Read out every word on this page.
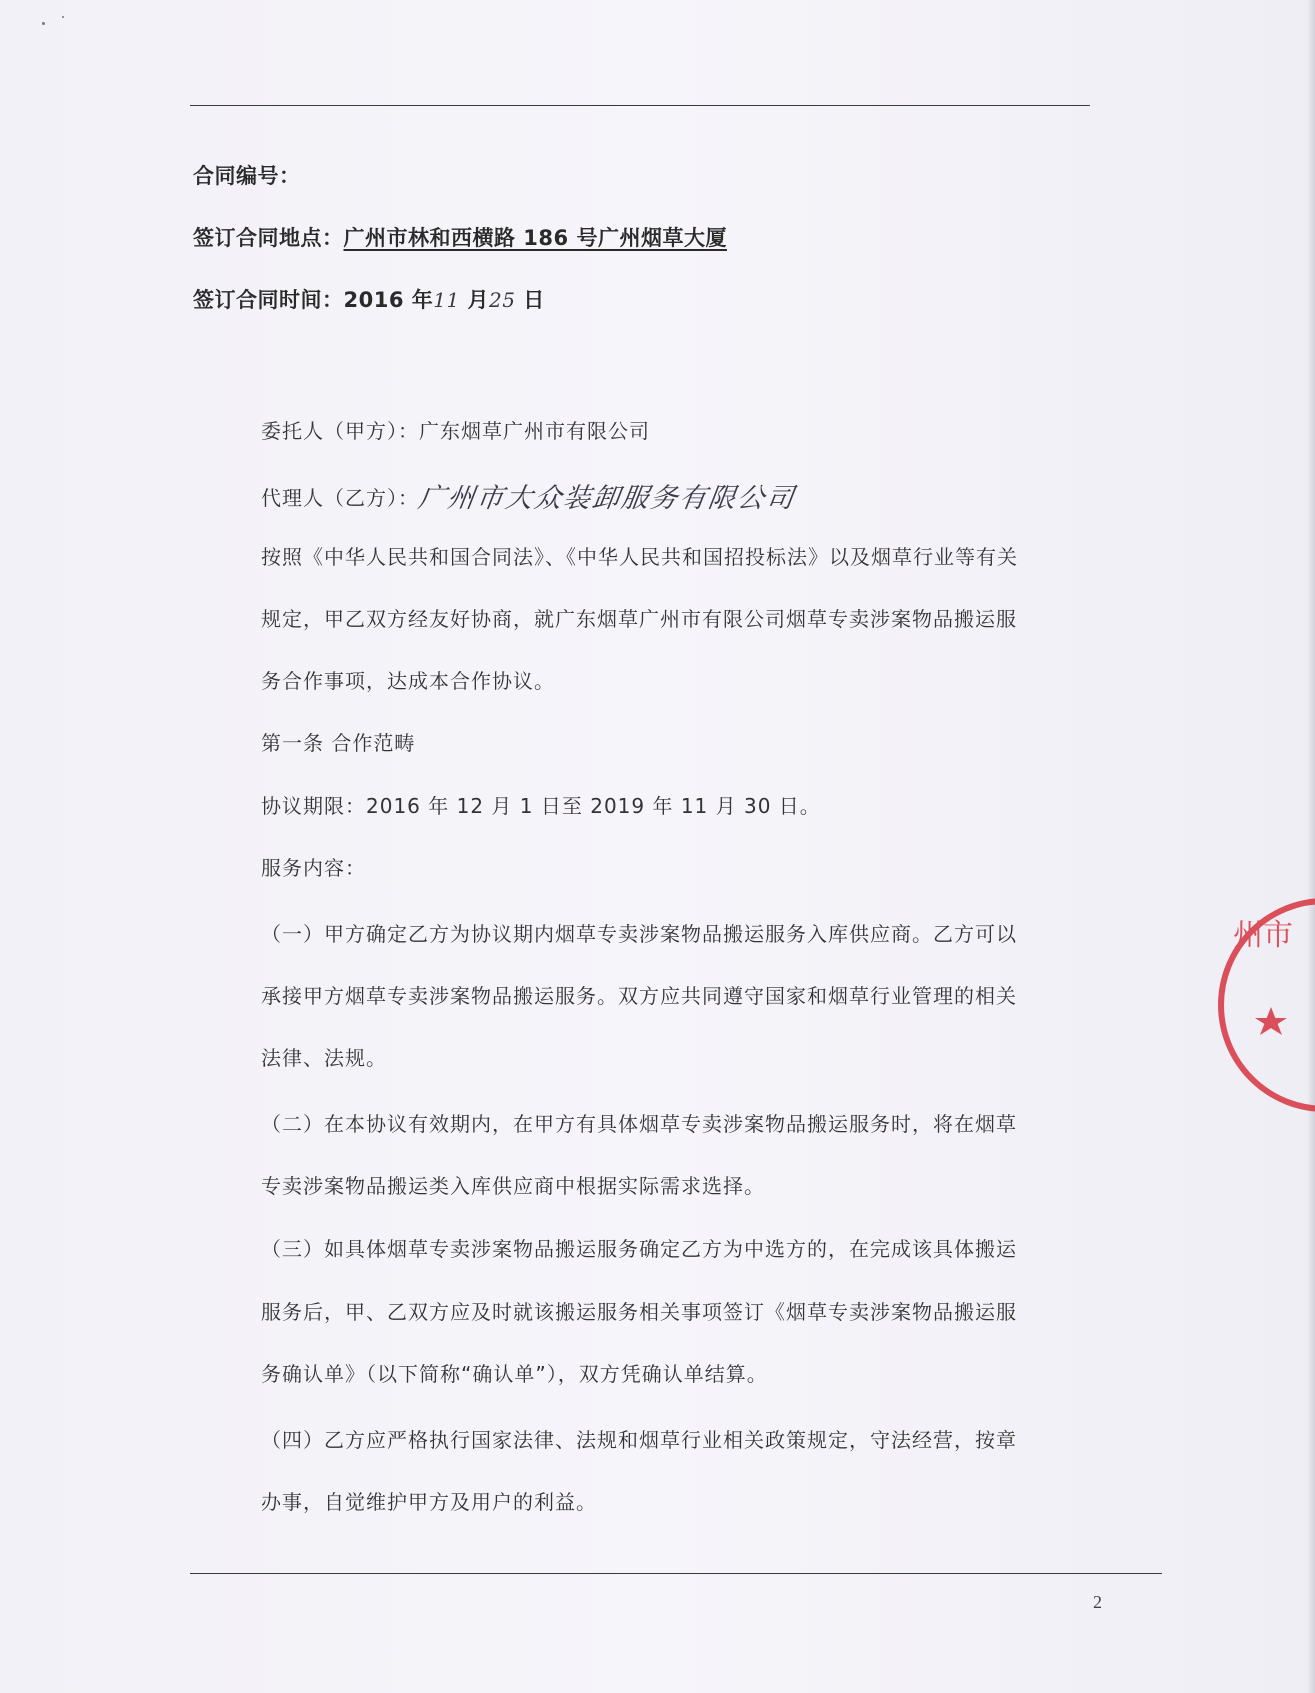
合同编号：
签订合同地点：广州市林和西横路 186 号广州烟草大厦
签订合同时间：2016 年11 月25 日
委托人（甲方）：广东烟草广州市有限公司
代理人（乙方）：广州市大众装卸服务有限公司
按照《中华人民共和国合同法》、《中华人民共和国招投标法》以及烟草行业等有关
规定，甲乙双方经友好协商，就广东烟草广州市有限公司烟草专卖涉案物品搬运服
务合作事项，达成本合作协议。
第一条 合作范畴
协议期限：2016 年 12 月 1 日至 2019 年 11 月 30 日。
服务内容：
（一）甲方确定乙方为协议期内烟草专卖涉案物品搬运服务入库供应商。乙方可以
承接甲方烟草专卖涉案物品搬运服务。双方应共同遵守国家和烟草行业管理的相关
法律、法规。
（二）在本协议有效期内，在甲方有具体烟草专卖涉案物品搬运服务时，将在烟草
专卖涉案物品搬运类入库供应商中根据实际需求选择。
（三）如具体烟草专卖涉案物品搬运服务确定乙方为中选方的，在完成该具体搬运
服务后，甲、乙双方应及时就该搬运服务相关事项签订《烟草专卖涉案物品搬运服
务确认单》（以下简称“确认单”），双方凭确认单结算。
（四）乙方应严格执行国家法律、法规和烟草行业相关政策规定，守法经营，按章
办事，自觉维护甲方及用户的利益。
州市
2
